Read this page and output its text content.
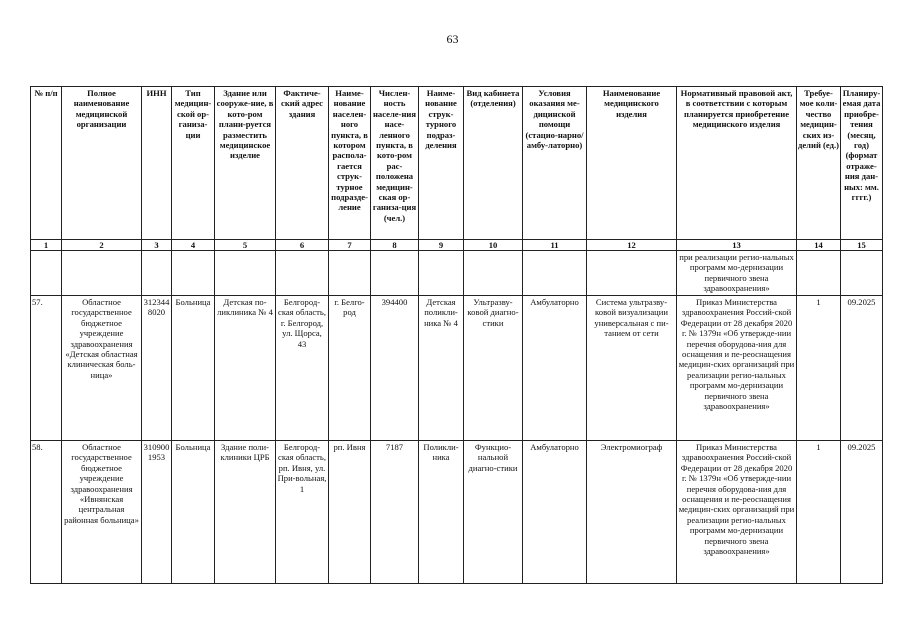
63
№ п/п	Полное наименование медицинской организации	ИНН	Тип медицин-ской ор-ганиза-ции	Здание или сооруже-ние, в кото-ром плани-руется разместить медицинское изделие	Фактиче-ский адрес здания	Наиме-нование населен-ного пункта, в котором распола-гается струк-турное подразде-ление	Числен-ность населе-ния насе-ленного пункта, в кото-ром рас-положена медицин-ская ор-ганиза-ция (чел.)	Наиме-нование струк-турного подраз-деления	Вид кабинета (отделения)	Условия оказания ме-дицинской помощи (стацио-нарно/амбу-латорно)	Наименование медицинского изделия	Нормативный правовой акт, в соответствии с которым планируется приобретение медицинского изделия	Требуе-мое коли-чество медицин-ских из-делий (ед.)	Планиру-емая дата приобре-тения (месяц, год) (формат отраже-ния дан-ных: мм. гггг.)
1	2	3	4	5	6	7	8	9	10	11	12	13	14	15
												при реализации регио-нальных программ мо-дернизации первичного звена здравоохранения»		
57.	Областное государственное бюджетное учреждение здравоохранения «Детская областная клиническая боль-ница»	3123448020	Больница	Детская по-ликлиника № 4	Белгород-ская область, г. Белгород, ул. Щорса, 43	г. Белго-род	394400	Детская поликли-ника № 4	Ультразву-ковой диагно-стики	Амбулаторно	Система ультразву-ковой визуализации универсальная с пи-танием от сети	Приказ Министерства здравоохранения Россий-ской Федерации от 28 декабря 2020 г. № 1379н «Об утвержде-нии перечня оборудова-ния для оснащения и пе-реоснащения медицин-ских организаций при реализации регио-нальных программ мо-дернизации первичного звена здравоохранения»	1	09.2025
58.	Областное государственное бюджетное учреждение здравоохранения «Ивнянская центральная районная больница»	3109001953	Больница	Здание поли-клиники ЦРБ	Белгород-ская область, рп. Ивня, ул. При-вольная, 1	рп. Ивня	7187	Поликли-ника	Функцио-нальной диагно-стики	Амбулаторно	Электромиограф	Приказ Министерства здравоохранения Россий-ской Федерации от 28 декабря 2020 г. № 1379н «Об утвержде-нии перечня оборудова-ния для оснащения и пе-реоснащения медицин-ских организаций при реализации регио-нальных программ мо-дернизации первичного звена здравоохранения»	1	09.2025
